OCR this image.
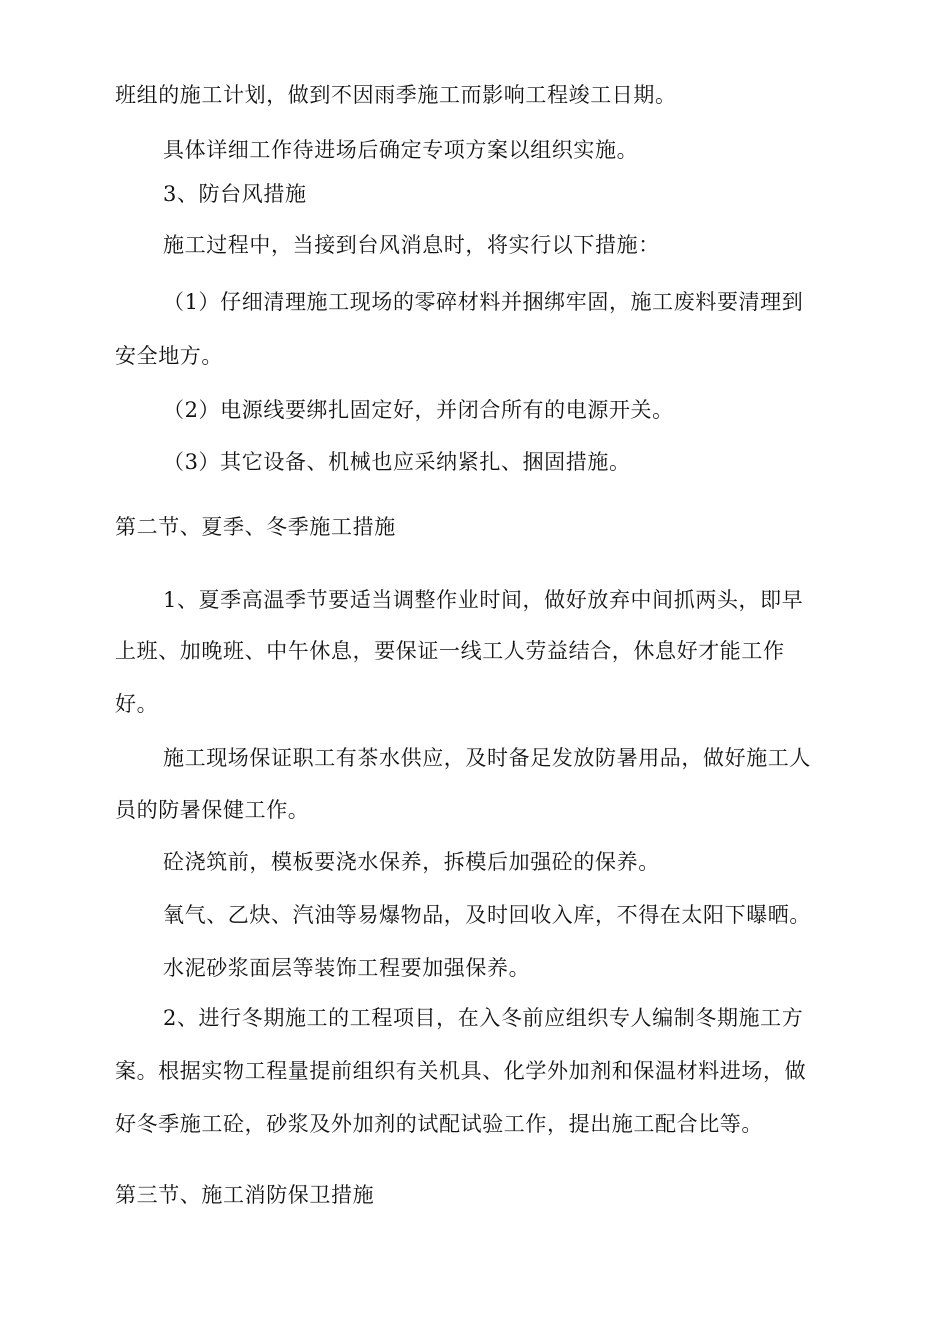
班组的施工计划，做到不因雨季施工而影响工程竣工日期。
具体详细工作待进场后确定专项方案以组织实施。
3、防台风措施
施工过程中，当接到台风消息时，将实行以下措施：
（1）仔细清理施工现场的零碎材料并捆绑牢固，施工废料要清理到
安全地方。
（2）电源线要绑扎固定好，并闭合所有的电源开关。
（3）其它设备、机械也应采纳紧扎、捆固措施。
第二节、夏季、冬季施工措施
1、夏季高温季节要适当调整作业时间，做好放弃中间抓两头，即早
上班、加晚班、中午休息，要保证一线工人劳益结合，休息好才能工作
好。
施工现场保证职工有茶水供应，及时备足发放防暑用品，做好施工人
员的防暑保健工作。
砼浇筑前，模板要浇水保养，拆模后加强砼的保养。
氧气、乙炔、汽油等易爆物品，及时回收入库，不得在太阳下曝晒。
水泥砂浆面层等装饰工程要加强保养。
2、进行冬期施工的工程项目，在入冬前应组织专人编制冬期施工方
案。根据实物工程量提前组织有关机具、化学外加剂和保温材料进场，做
好冬季施工砼，砂浆及外加剂的试配试验工作，提出施工配合比等。
第三节、施工消防保卫措施
